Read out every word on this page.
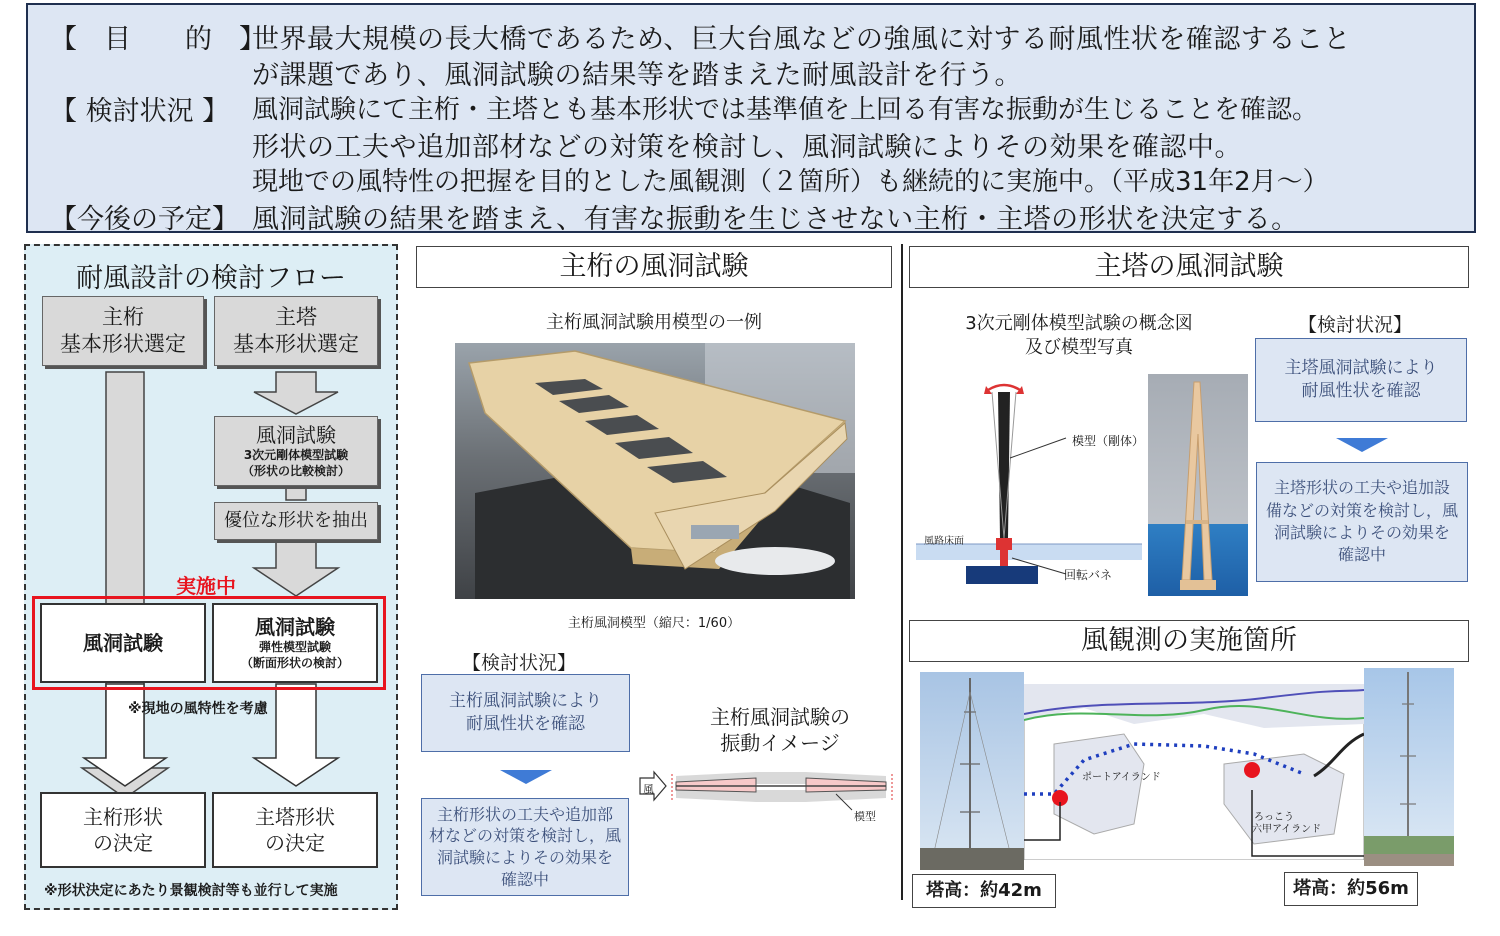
【　目　　的　】
世界最大規模の長大橋であるため、巨大台風などの強風に対する耐風性状を確認すること
が課題であり、風洞試験の結果等を踏まえた耐風設計を行う。
【 検討状況 】 風洞試験にて主桁・主塔とも基本形状では基準値を上回る有害な振動が生じることを確認。
形状の工夫や追加部材などの対策を検討し、風洞試験によりその効果を確認中。
現地での風特性の把握を目的とした風観測（２箇所）も継続的に実施中。（平成31年2月～）
【今後の予定】 風洞試験の結果を踏まえ、有害な振動を生じさせない主桁・主塔の形状を決定する。
耐風設計の検討フロー
主桁
基本形状選定
主塔
基本形状選定
風洞試験
3次元剛体模型試験
（形状の比較検討）
優位な形状を抽出
実施中
風洞試験
風洞試験
弾性模型試験
（断面形状の検討）
※現地の風特性を考慮
主桁形状
の決定
主塔形状
の決定
※形状決定にあたり景観検討等も並行して実施
主桁の風洞試験
主桁風洞試験用模型の一例
主桁風洞模型（縮尺：1/60）
【検討状況】
主桁風洞試験により
耐風性状を確認
主桁形状の工夫や追加部
材などの対策を検討し，風
洞試験によりその効果を
確認中
主桁風洞試験の
振動イメージ
風
模型
主塔の風洞試験
3次元剛体模型試験の概念図
及び模型写真
模型（剛体）
風路床面
回転バネ
【検討状況】
主塔風洞試験により
耐風性状を確認
主塔形状の工夫や追加設
備などの対策を検討し，風
洞試験によりその効果を
確認中
風観測の実施箇所
ポートアイランド
ろっこう
六甲アイランド
塔高：約42m	塔高：約56m
